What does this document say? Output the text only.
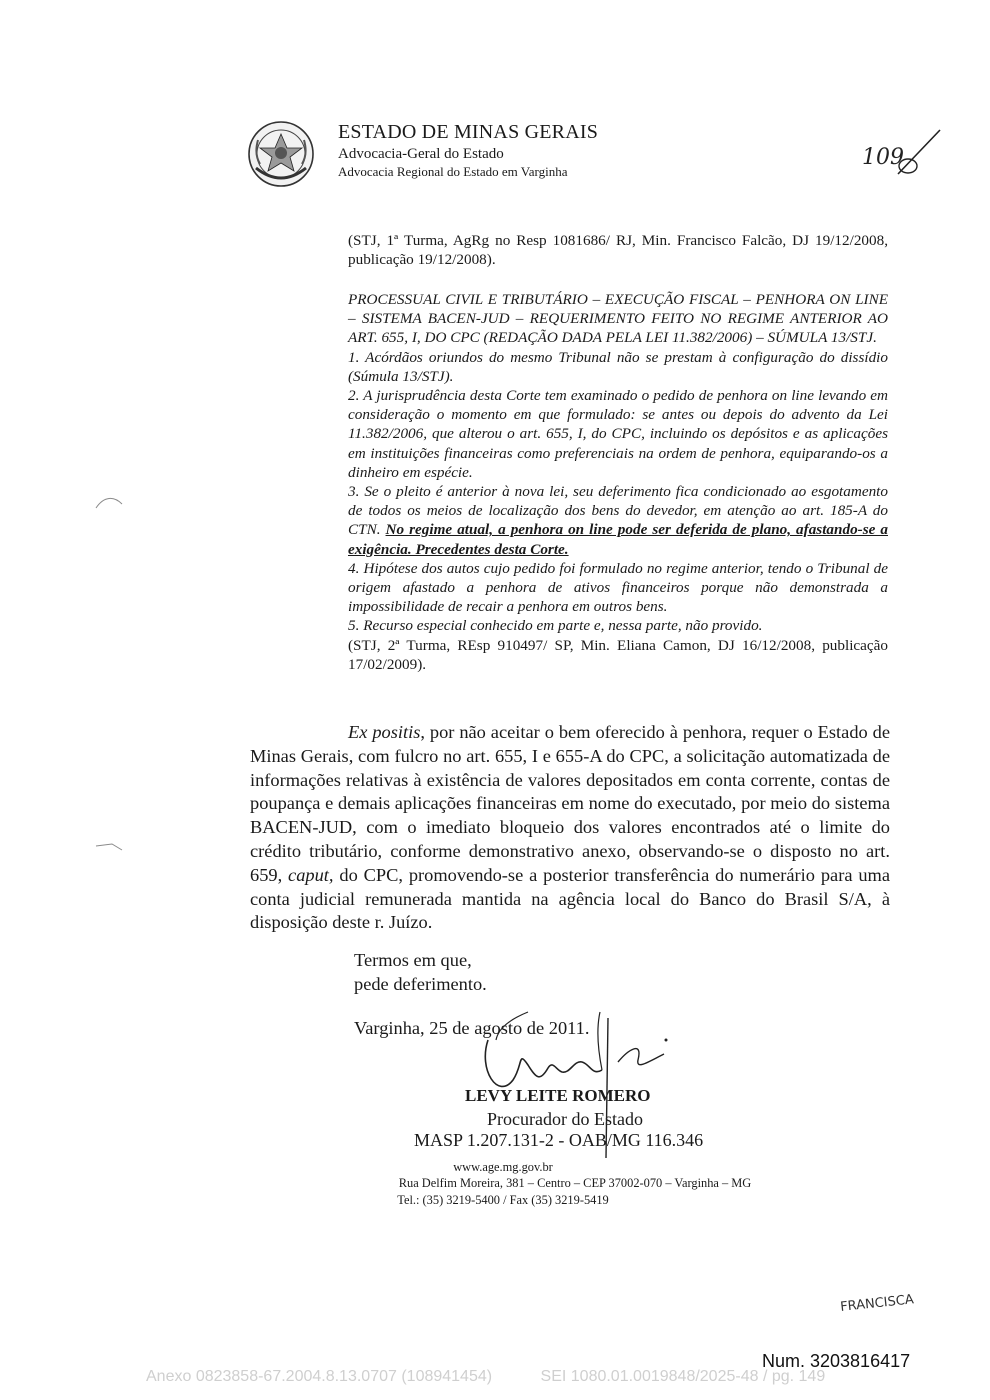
ESTADO DE MINAS GERAIS
Advocacia-Geral do Estado
Advocacia Regional do Estado em Varginha
109
(STJ, 1ª Turma, AgRg no Resp 1081686/ RJ, Min. Francisco Falcão, DJ 19/12/2008, publicação 19/12/2008).

PROCESSUAL CIVIL E TRIBUTÁRIO – EXECUÇÃO FISCAL – PENHORA ON LINE – SISTEMA BACEN-JUD – REQUERIMENTO FEITO NO REGIME ANTERIOR AO ART. 655, I, DO CPC (REDAÇÃO DADA PELA LEI 11.382/2006) – SÚMULA 13/STJ.

1. Acórdãos oriundos do mesmo Tribunal não se prestam à configuração do dissídio (Súmula 13/STJ).

2. A jurisprudência desta Corte tem examinado o pedido de penhora on line levando em consideração o momento em que formulado: se antes ou depois do advento da Lei 11.382/2006, que alterou o art. 655, I, do CPC, incluindo os depósitos e as aplicações em instituições financeiras como preferenciais na ordem de penhora, equiparando-os a dinheiro em espécie.

3. Se o pleito é anterior à nova lei, seu deferimento fica condicionado ao esgotamento de todos os meios de localização dos bens do devedor, em atenção ao art. 185-A do CTN. No regime atual, a penhora on line pode ser deferida de plano, afastando-se a exigência. Precedentes desta Corte.

4. Hipótese dos autos cujo pedido foi formulado no regime anterior, tendo o Tribunal de origem afastado a penhora de ativos financeiros porque não demonstrada a impossibilidade de recair a penhora em outros bens.

5. Recurso especial conhecido em parte e, nessa parte, não provido.

(STJ, 2ª Turma, REsp 910497/ SP, Min. Eliana Camon, DJ 16/12/2008, publicação 17/02/2009).

Ex positis, por não aceitar o bem oferecido à penhora, requer o Estado de Minas Gerais, com fulcro no art. 655, I e 655-A do CPC, a solicitação automatizada de informações relativas à existência de valores depositados em conta corrente, contas de poupança e demais aplicações financeiras em nome do executado, por meio do sistema BACEN-JUD, com o imediato bloqueio dos valores encontrados até o limite do crédito tributário, conforme demonstrativo anexo, observando-se o disposto no art. 659, caput, do CPC, promovendo-se a posterior transferência do numerário para uma conta judicial remunerada mantida na agência local do Banco do Brasil S/A, à disposição deste r. Juízo.
Termos em que,
pede deferimento.
Varginha, 25 de agosto de 2011.
LEVY LEITE ROMERO
Procurador do Estado
MASP 1.207.131-2 - OAB/MG 116.346
www.age.mg.gov.br
Rua Delfim Moreira, 381 – Centro – CEP 37002-070 – Varginha – MG
Tel.: (35) 3219-5400 / Fax (35) 3219-5419
FRANCISCA
Num. 3203816417
Anexo 0823858-67.2004.8.13.0707 (108941454)	SEI 1080.01.0019848/2025-48 / pg. 149
